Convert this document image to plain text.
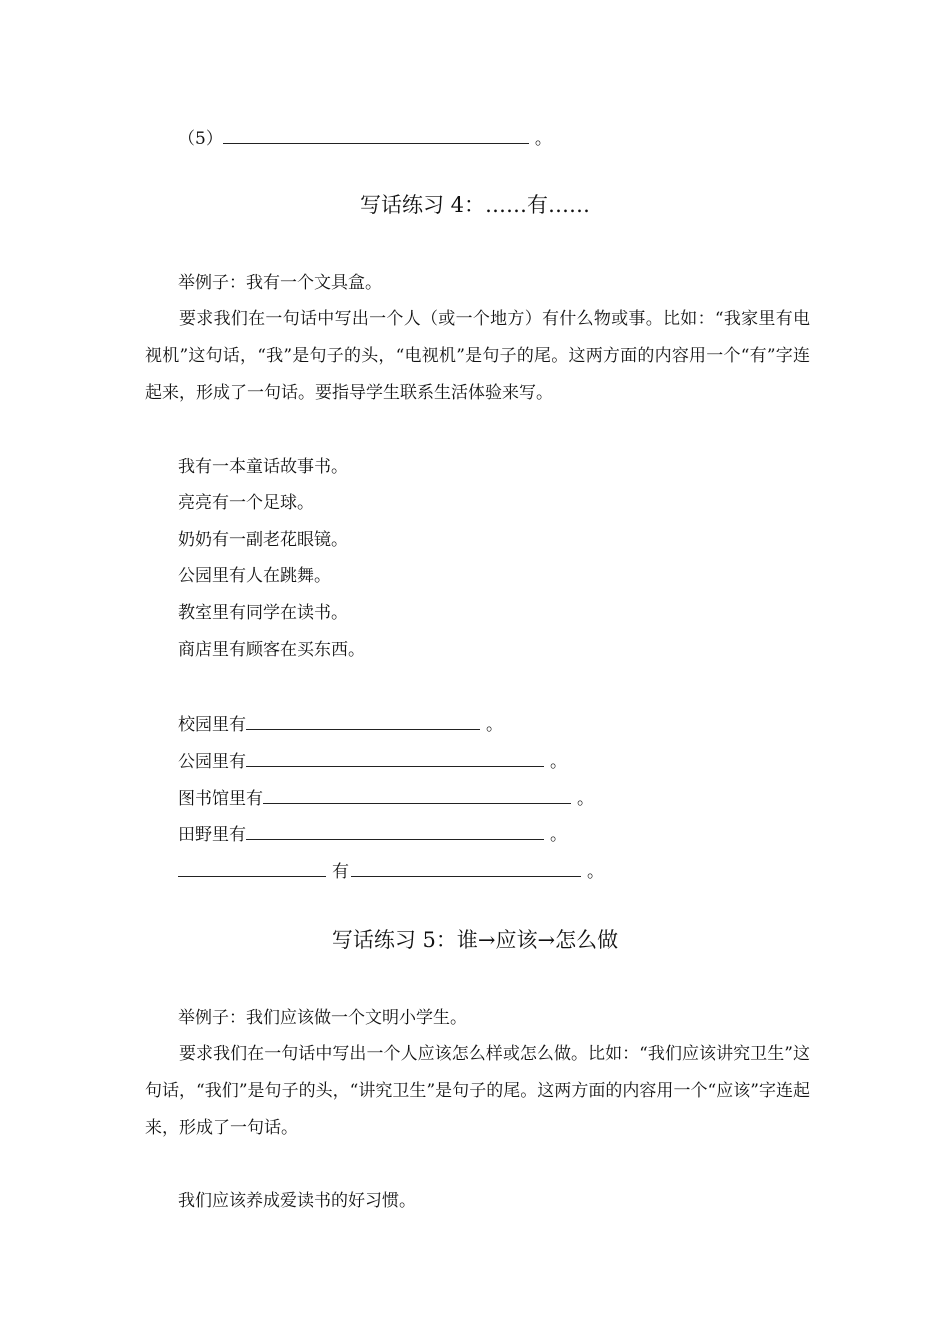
（5）	。
写话练习 4：……有……
举例子：我有一个文具盒。
要求我们在一句话中写出一个人（或一个地方）有什么物或事。比如：“我家里有电视机”这句话，“我”是句子的头，“电视机”是句子的尾。这两方面的内容用一个“有”字连起来，形成了一句话。要指导学生联系生活体验来写。
我有一本童话故事书。
亮亮有一个足球。
奶奶有一副老花眼镜。
公园里有人在跳舞。
教室里有同学在读书。
商店里有顾客在买东西。
校园里有	。
公园里有	。
图书馆里有	。
田野里有	。
有	。
写话练习 5：谁→应该→怎么做
举例子：我们应该做一个文明小学生。
要求我们在一句话中写出一个人应该怎么样或怎么做。比如：“我们应该讲究卫生”这句话，“我们”是句子的头，“讲究卫生”是句子的尾。这两方面的内容用一个“应该”字连起来，形成了一句话。
我们应该养成爱读书的好习惯。
